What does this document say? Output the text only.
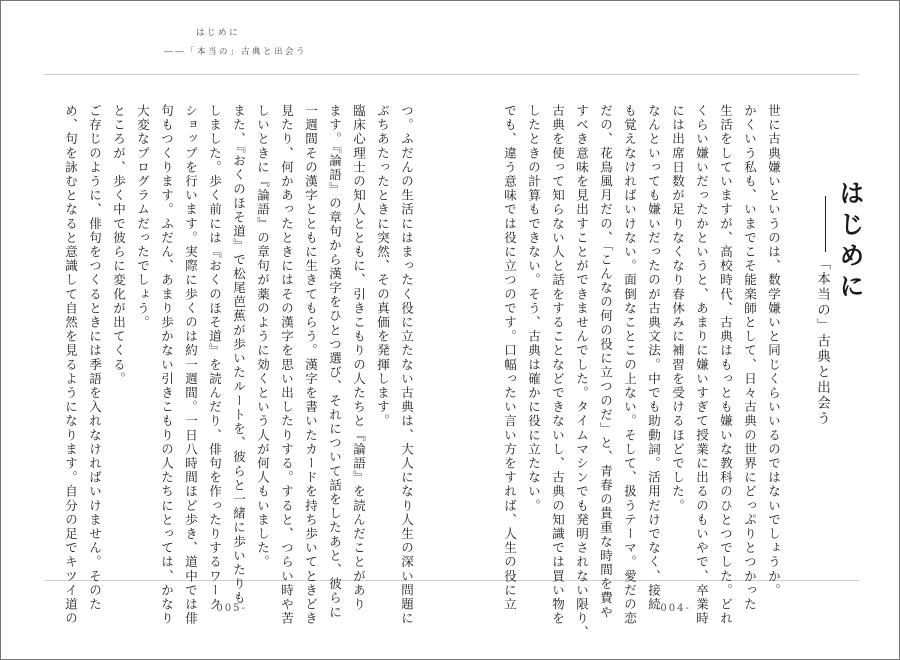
はじめに
――「本当の」古典と出会う
はじめに
「本当の」古典と出会う
世に古典嫌いというのは、数学嫌いと同じくらいいるのではないでしょうか。
かくいう私も、いまでこそ能楽師として、日々古典の世界にどっぷりとつかった
生活をしていますが、高校時代、古典はもっとも嫌いな教科のひとつでした。どれ
くらい嫌いだったかというと、あまりに嫌いすぎて授業に出るのもいやで、卒業時
には出席日数が足りなくなり春休みに補習を受けるほどでした。
なんといっても嫌いだったのが古典文法。中でも助動詞。活用だけでなく、接続
も覚えなければいけない。面倒なことこの上ない。そして、扱うテーマ。愛だの恋
だの、花鳥風月だの、「こんなの何の役に立つのだ」と、青春の貴重な時間を費や
すべき意味を見出すことができませんでした。タイムマシンでも発明されない限り、
古典を使って知らない人と話をすることなどできないし、古典の知識では買い物を
したときの計算もできない。そう、古典は確かに役に立たない。
でも、違う意味では役に立つのです。口幅ったい言い方をすれば、人生の役に立
つ。ふだんの生活にはまったく役に立たない古典は、大人になり人生の深い問題に
ぶちあたったときに突然、その真価を発揮します。
臨床心理士の知人とともに、引きこもりの人たちと『論語』を読んだことがあり
ます。『論語』の章句から漢字をひとつ選び、それについて話をしたあと、彼らに
一週間その漢字とともに生きてもらう。漢字を書いたカードを持ち歩いてときどき
見たり、何かあったときにはその漢字を思い出したりする。すると、つらい時や苦
しいときに『論語』の章句が薬のように効くという人が何人もいました。
また、『おくのほそ道』で松尾芭蕉が歩いたルートを、彼らと一緒に歩いたりも
しました。歩く前には『おくのほそ道』を読んだり、俳句を作ったりするワーク
ショップを行います。実際に歩くのは約一週間。一日八時間ほど歩き、道中では俳
句もつくります。ふだん、あまり歩かない引きこもりの人たちにとっては、かなり
大変なプログラムだったでしょう。
ところが、歩く中で彼らに変化が出てくる。
ご存じのように、俳句をつくるときには季語を入れなければいけません。そのた
め、句を詠むとなると意識して自然を見るようになります。自分の足でキツイ道の	-004-
-005-
